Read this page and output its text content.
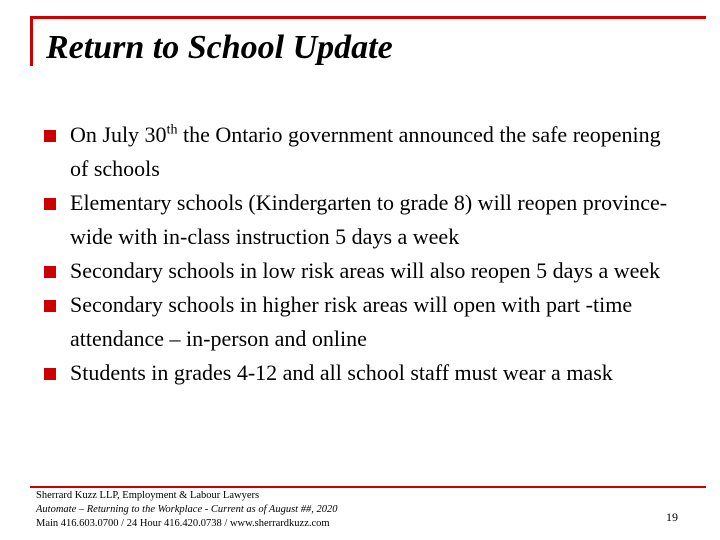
Return to School Update
On July 30th the Ontario government announced the safe reopening of schools
Elementary schools (Kindergarten to grade 8) will reopen province-wide with in-class instruction 5 days a week
Secondary schools in low risk areas will also reopen 5 days a week
Secondary schools in higher risk areas will open with part -time attendance – in-person and online
Students in grades 4-12 and all school staff must wear a mask
Sherrard Kuzz LLP, Employment & Labour Lawyers
Automate – Returning to the Workplace - Current as of August ##, 2020
Main 416.603.0700 / 24 Hour 416.420.0738 / www.sherrardkuzz.com	19
